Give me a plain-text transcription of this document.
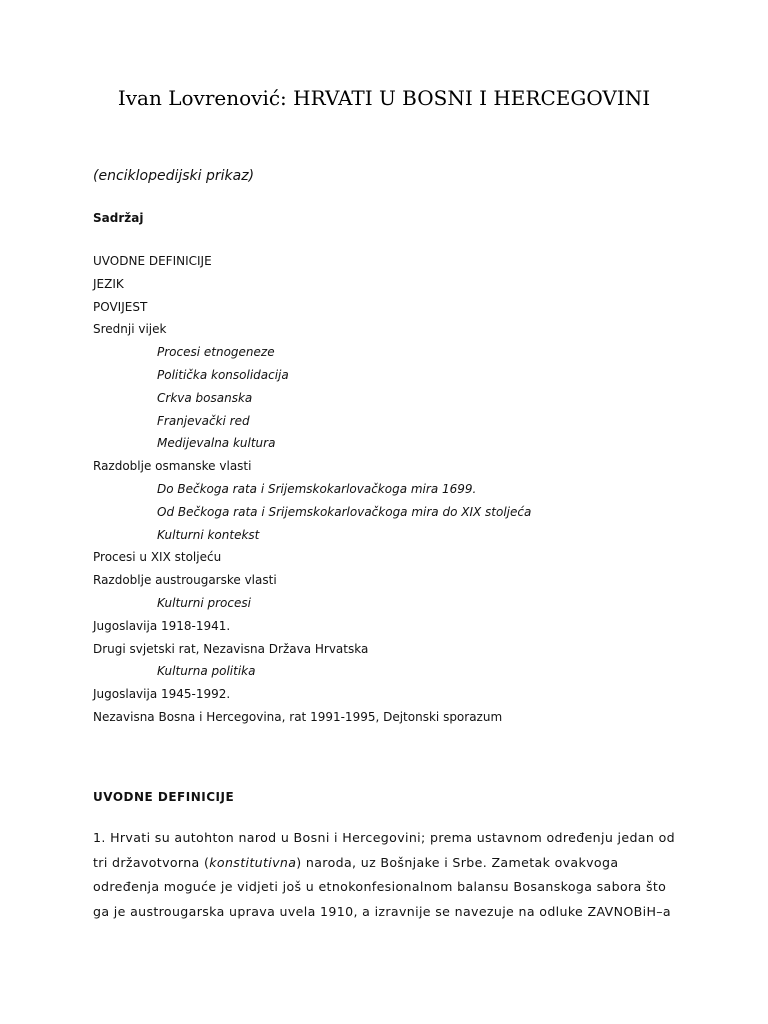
Ivan Lovrenović: HRVATI U BOSNI I HERCEGOVINI
(enciklopedijski prikaz)
Sadržaj
UVODNE DEFINICIJE
JEZIK
POVIJEST
Srednji vijek
Procesi etnogeneze
Politička konsolidacija
Crkva bosanska
Franjevački red
Medijevalna kultura
Razdoblje osmanske vlasti
Do Bečkoga rata i Srijemskokarlovačkoga mira 1699.
Od Bečkoga rata i Srijemskokarlovačkoga mira do XIX stoljeća
Kulturni kontekst
Procesi u XIX stoljeću
Razdoblje austrougarske vlasti
Kulturni procesi
Jugoslavija 1918-1941.
Drugi svjetski rat, Nezavisna Država Hrvatska
Kulturna politika
Jugoslavija 1945-1992.
Nezavisna Bosna i Hercegovina, rat 1991-1995, Dejtonski sporazum
UVODNE DEFINICIJE

1. Hrvati su autohton narod u Bosni i Hercegovini; prema ustavnom određenju jedan od
tri državotvorna (konstitutivna) naroda, uz Bošnjake i Srbe. Zametak ovakvoga
određenja moguće je vidjeti još u etnokonfesionalnom balansu Bosanskoga sabora što
ga je austrougarska uprava uvela 1910, a izravnije se navezuje na odluke ZAVNOBiH–a
